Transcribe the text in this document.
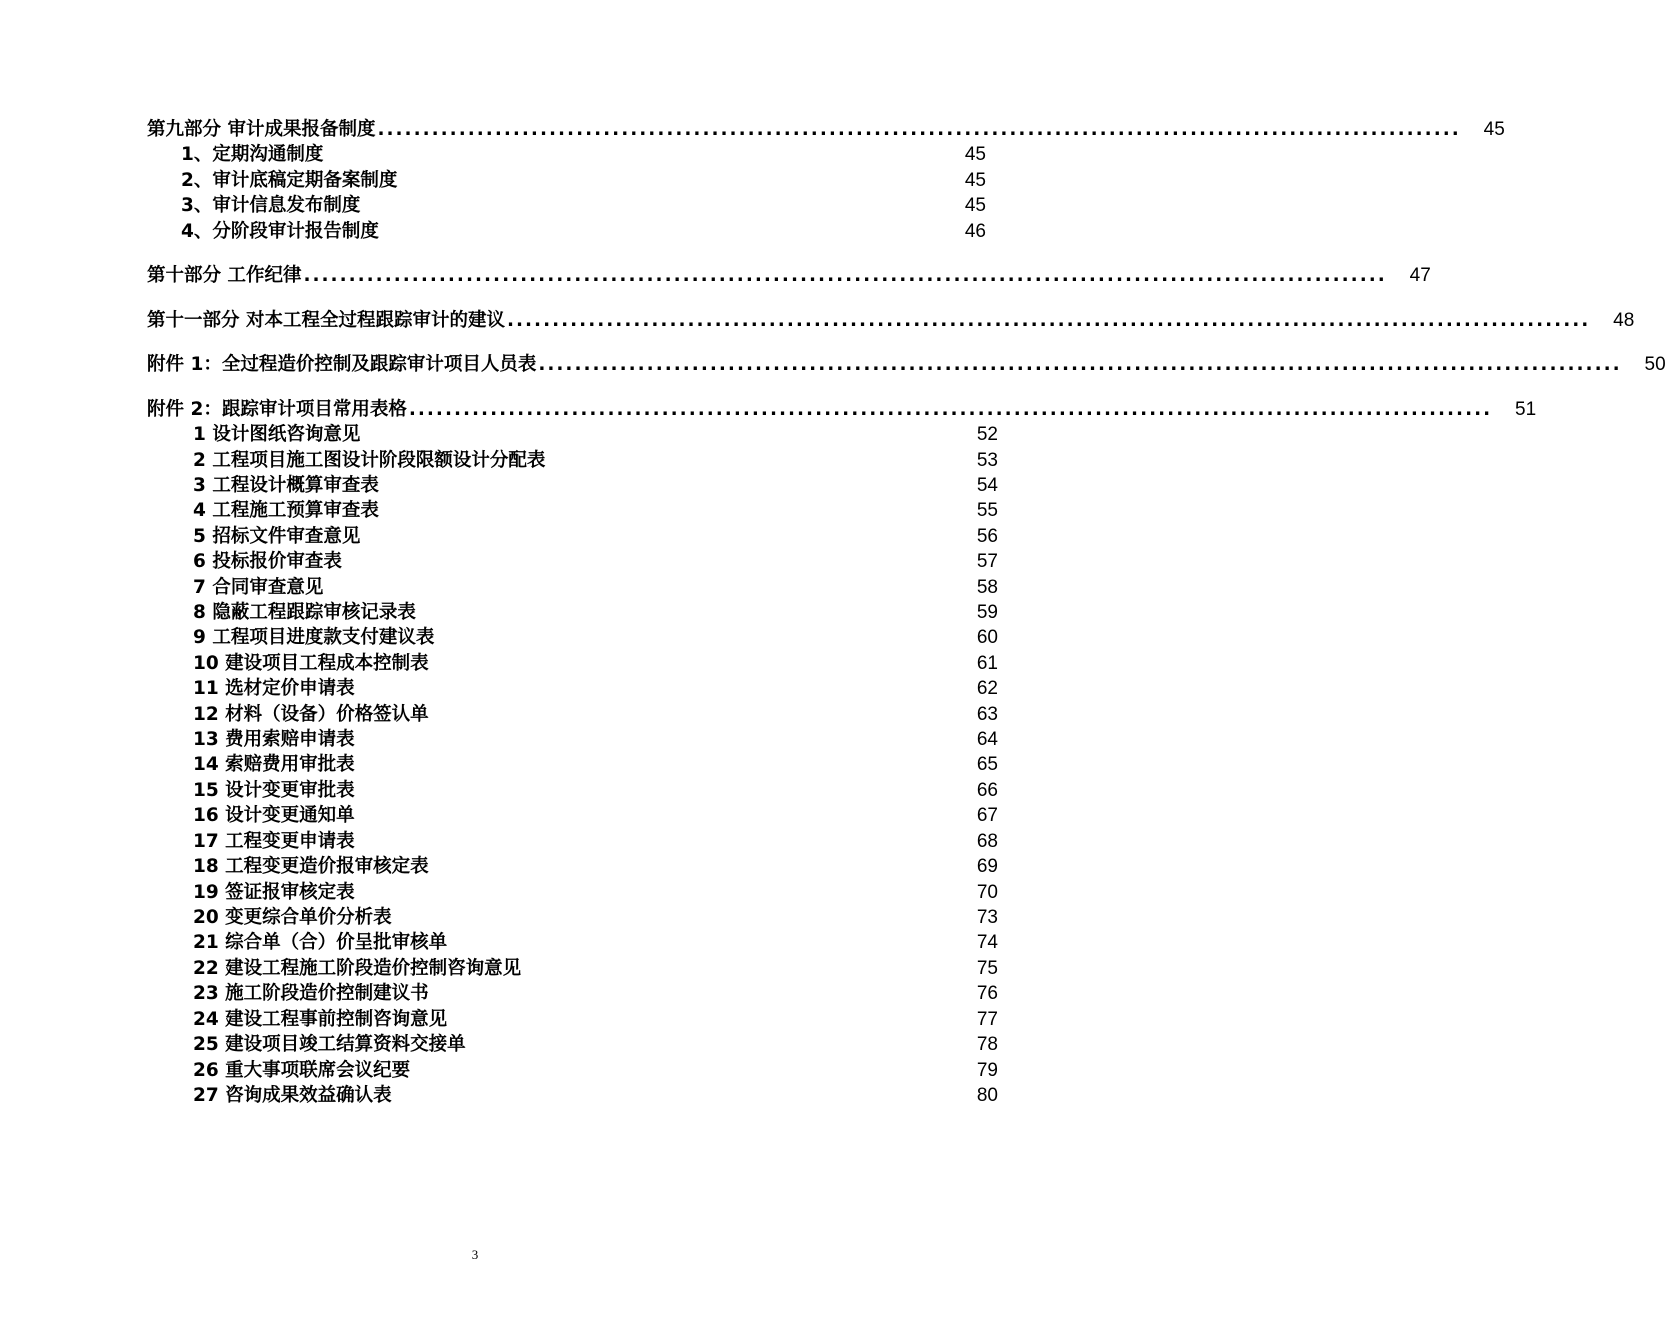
第九部分 审计成果报备制度 ........................................................................................................................	45
1、定期沟通制度	45
2、审计底稿定期备案制度	45
3、审计信息发布制度	45
4、分阶段审计报告制度	46
第十部分 工作纪律 ........................................................................................................................	47
第十一部分 对本工程全过程跟踪审计的建议 ........................................................................................................................	48
附件 1：全过程造价控制及跟踪审计项目人员表 ........................................................................................................................	50
附件 2：跟踪审计项目常用表格 ........................................................................................................................	51
1 设计图纸咨询意见	52
2 工程项目施工图设计阶段限额设计分配表	53
3 工程设计概算审查表	54
4 工程施工预算审查表	55
5 招标文件审查意见	56
6 投标报价审查表	57
7 合同审查意见	58
8 隐蔽工程跟踪审核记录表	59
9 工程项目进度款支付建议表	60
10 建设项目工程成本控制表	61
11 选材定价申请表	62
12 材料（设备）价格签认单	63
13 费用索赔申请表	64
14 索赔费用审批表	65
15 设计变更审批表	66
16 设计变更通知单	67
17 工程变更申请表	68
18 工程变更造价报审核定表	69
19 签证报审核定表	70
20 变更综合单价分析表	73
21 综合单（合）价呈批审核单	74
22 建设工程施工阶段造价控制咨询意见	75
23 施工阶段造价控制建议书	76
24 建设工程事前控制咨询意见	77
25 建设项目竣工结算资料交接单	78
26 重大事项联席会议纪要	79
27 咨询成果效益确认表	80
3
